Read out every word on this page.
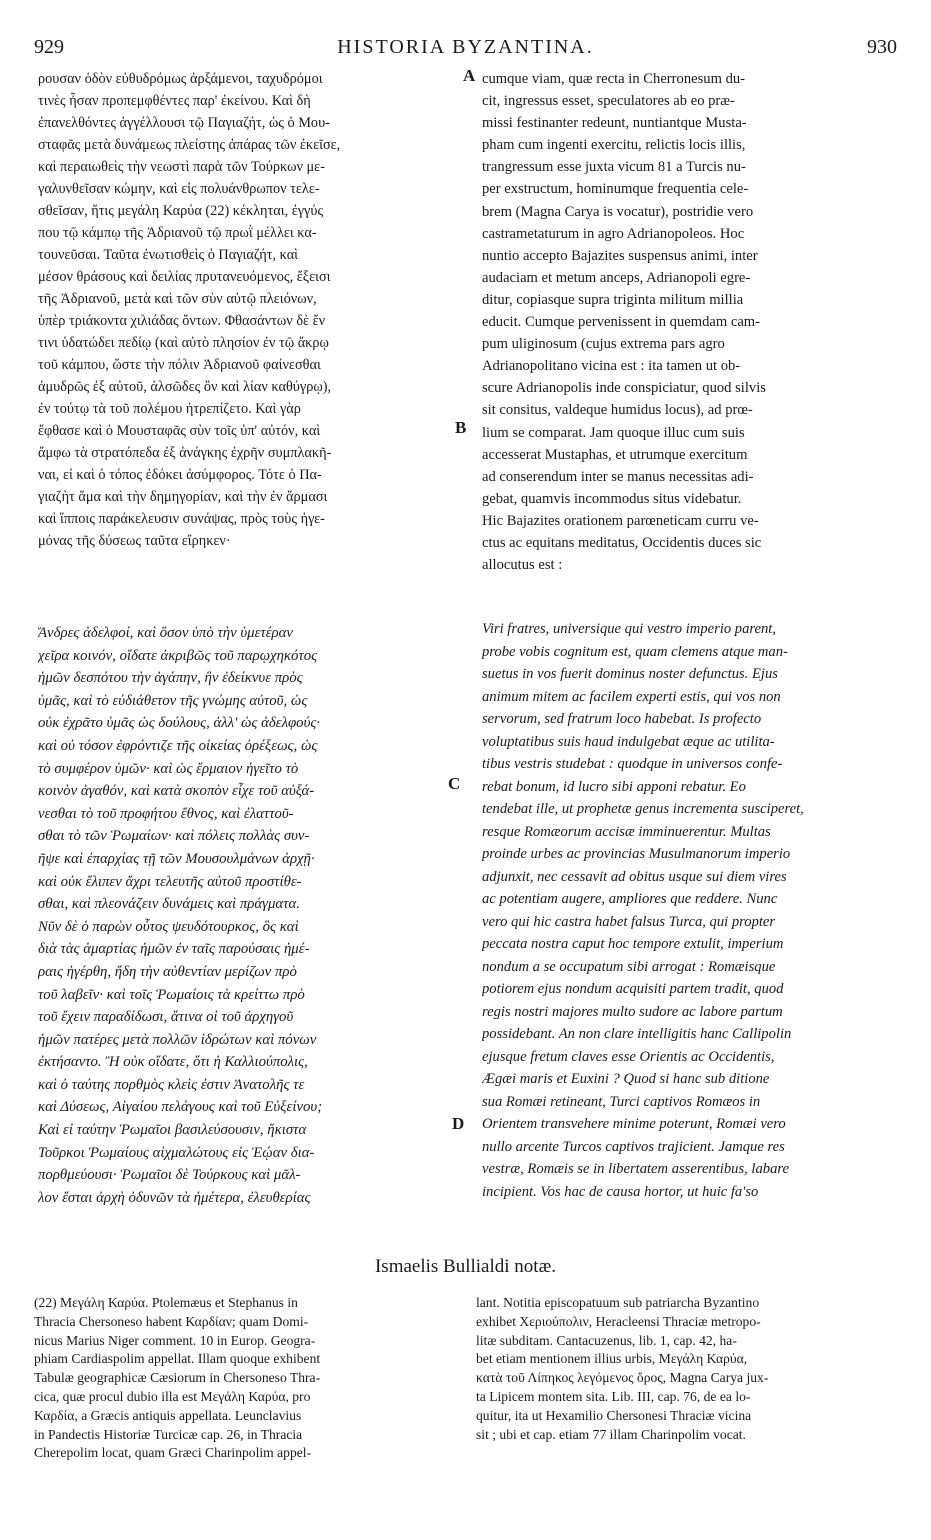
929	HISTORIA BYZANTINA.	930
A
B
C
D
ρουσαν ὁδὸν εὐθυδρόμως ἀρξάμενοι, ταχυδρόμοι
τινὲς ἦσαν προπεμφθέντες παρ' ἐκείνου. Καὶ δὴ
ἐπανελθόντες ἀγγέλλουσι τῷ Παγιαζήτ, ὡς ὁ Μου-
σταφᾶς μετὰ δυνάμεως πλείστης ἀπάρας τῶν ἐκεῖσε,
καὶ περαιωθεὶς τὴν νεωστὶ παρὰ τῶν Τούρκων με-
γαλυνθεῖσαν κώμην, καὶ εἰς πολυάνθρωπον τελε-
σθεῖσαν, ἥτις μεγάλη Καρύα (22) κέκληται, ἐγγύς
που τῷ κάμπῳ τῆς Ἀδριανοῦ τῷ πρωῒ μέλλει κα-
τουνεῦσαι. Ταῦτα ἐνωτισθεὶς ὁ Παγιαζήτ, καὶ
μέσον θράσους καὶ δειλίας πρυτανευόμενος, ἔξεισι
τῆς Ἀδριανοῦ, μετὰ καὶ τῶν σὺν αὐτῷ πλειόνων,
ὑπὲρ τριάκοντα χιλιάδας ὄντων. Φθασάντων δὲ ἔν
τινι ὑδατώδει πεδίῳ (καὶ αὐτὸ πλησίον ἐν τῷ ἄκρῳ
τοῦ κάμπου, ὥστε τὴν πόλιν Ἀδριανοῦ φαίνεσθαι
ἀμυδρῶς ἐξ αὐτοῦ, ἀλσῶδες ὂν καὶ λίαν καθύγρῳ),
ἐν τούτῳ τὰ τοῦ πολέμου ἡτρεπίζετο. Καὶ γὰρ
ἔφθασε καὶ ὁ Μουσταφᾶς σὺν τοῖς ὑπ' αὐτόν, καὶ
ἄμφω τὰ στρατόπεδα ἐξ ἀνάγκης ἐχρῆν συμπλακῆ-
ναι, εἰ καὶ ὁ τόπος ἐδόκει ἀσύμφορος. Τότε ὁ Πα-
γιαζὴτ ἅμα καὶ τὴν δημηγορίαν, καὶ τὴν ἐν ἅρμασι
καὶ ἵπποις παράκελευσιν συνάψας, πρὸς τοὺς ἡγε-
μόνας τῆς δύσεως ταῦτα εἴρηκεν·
cumque viam, quæ recta in Cherronesum du-
cit, ingressus esset, speculatores ab eo præ-
missi festinanter redeunt, nuntiantque Musta-
pham cum ingenti exercitu, relictis locis illis,
trangressum esse juxta vicum 81 a Turcis nu-
per exstructum, hominumque frequentia cele-
brem (Magna Carya is vocatur), postridie vero
castrametaturum in agro Adrianopoleos. Hoc
nuntio accepto Bajazites suspensus animi, inter
audaciam et metum anceps, Adrianopoli egre-
ditur, copiasque supra triginta militum millia
educit. Cumque pervenissent in quemdam cam-
pum uliginosum (cujus extrema pars agro
Adrianopolitano vicina est : ita tamen ut ob-
scure Adrianopolis inde conspiciatur, quod silvis
sit consitus, valdeque humidus locus), ad prœ-
lium se comparat. Jam quoque illuc cum suis
accesserat Mustaphas, et utrumque exercitum
ad conserendum inter se manus necessitas adi-
gebat, quamvis incommodus situs videbatur.
Hic Bajazites orationem parœneticam curru ve-
ctus ac equitans meditatus, Occidentis duces sic
allocutus est :
Ἄνδρες ἀδελφοί, καὶ ὅσον ὑπὸ τὴν ὑμετέραν
χεῖρα κοινόν, οἴδατε ἀκριβῶς τοῦ παρῳχηκότος
ἡμῶν δεσπότου τὴν ἀγάπην, ἣν ἐδείκνυε πρὸς
ὑμᾶς, καὶ τὸ εὐδιάθετον τῆς γνώμης αὐτοῦ, ὡς
οὐκ ἐχρᾶτο ὑμᾶς ὡς δούλους, ἀλλ' ὡς ἀδελφούς·
καὶ οὐ τόσον ἐφρόντιζε τῆς οἰκείας ὀρέξεως, ὡς
τὸ συμφέρον ὑμῶν· καὶ ὡς ἕρμαιον ἡγεῖτο τὸ
κοινὸν ἀγαθόν, καὶ κατὰ σκοπὸν εἶχε τοῦ αὐξά-
νεσθαι τὸ τοῦ προφήτου ἔθνος, καὶ ἐλαττοῦ-
σθαι τὸ τῶν Ῥωμαίων· καὶ πόλεις πολλὰς συν-
ῆψε καὶ ἐπαρχίας τῇ τῶν Μουσουλμάνων ἀρχῇ·
καὶ οὐκ ἔλιπεν ἄχρι τελευτῆς αὐτοῦ προστίθε-
σθαι, καὶ πλεονάζειν δυνάμεις καὶ πράγματα.
Νῦν δὲ ὁ παρὼν οὗτος ψευδότουρκος, ὃς καὶ
διὰ τὰς ἁμαρτίας ἡμῶν ἐν ταῖς παρούσαις ἡμέ-
ραις ἠγέρθη, ἤδη τὴν αὐθεντίαν μερίζων πρὸ
τοῦ λαβεῖν· καὶ τοῖς Ῥωμαίοις τὰ κρείττω πρὸ
τοῦ ἔχειν παραδίδωσι, ἅτινα οἱ τοῦ ἀρχηγοῦ
ἡμῶν πατέρες μετὰ πολλῶν ἱδρώτων καὶ πόνων
ἐκτήσαντο. Ἢ οὐκ οἴδατε, ὅτι ἡ Καλλιούπολις,
καὶ ὁ ταύτης πορθμὸς κλεὶς ἐστιν Ἀνατολῆς τε
καὶ Δύσεως, Αἰγαίου πελάγους καὶ τοῦ Εὐξείνου;
Καὶ εἰ ταύτην Ῥωμαῖοι βασιλεύσουσιν, ἥκιστα
Τοῦρκοι Ῥωμαίους αἰχμαλώτους εἰς Ἑῴαν δια-
πορθμεύουσι· Ῥωμαῖοι δὲ Τούρκους καὶ μᾶλ-
λον ἔσται ἀρχὴ ὀδυνῶν τὰ ἡμέτερα, ἐλευθερίας
Viri fratres, universique qui vestro imperio parent,
probe vobis cognitum est, quam clemens atque man-
suetus in vos fuerit dominus noster defunctus. Ejus
animum mitem ac facilem experti estis, qui vos non
servorum, sed fratrum loco habebat. Is profecto
voluptatibus suis haud indulgebat æque ac utilita-
tibus vestris studebat : quodque in universos confe-
rebat bonum, id lucro sibi apponi rebatur. Eo
tendebat ille, ut prophetæ genus incrementa susciperet,
resque Romæorum accisæ imminuerentur. Multas
proinde urbes ac provincias Musulmanorum imperio
adjunxit, nec cessavit ad obitus usque sui diem vires
ac potentiam augere, ampliores que reddere. Nunc
vero qui hic castra habet falsus Turca, qui propter
peccata nostra caput hoc tempore extulit, imperium
nondum a se occupatum sibi arrogat : Romæisque
potiorem ejus nondum acquisiti partem tradit, quod
regis nostri majores multo sudore ac labore partum
possidebant. An non clare intelligitis hanc Callipolin
ejusque fretum claves esse Orientis ac Occidentis,
Ægæi maris et Euxini ? Quod si hanc sub ditione
sua Romæi retineant, Turci captivos Romæos in
Orientem transvehere minime poterunt, Romæi vero
nullo arcente Turcos captivos trajicient. Jamque res
vestræ, Romæis se in libertatem asserentibus, labare
incipient. Vos hac de causa hortor, ut huic fa'so
Ismaelis Bullialdi notæ.
(22) Μεγάλη Καρύα. Ptolemæus et Stephanus in
Thracia Chersoneso habent Καρδίαν; quam Domi-
nicus Marius Niger comment. 10 in Europ. Geogra-
phiam Cardiaspolim appellat. Illam quoque exhibent
Tabulæ geographicæ Cæsiorum in Chersoneso Thra-
cica, quæ procul dubio illa est Μεγάλη Καρύα, pro
Καρδία, a Græcis antiquis appellata. Leunclavius
in Pandectis Historiæ Turcicæ cap. 26, in Thracia
Cherepolim locat, quam Græci Charinpolim appel-
lant. Notitia episcopatuum sub patriarcha Byzantino
exhibet Χεριούπολιν, Heracleensi Thraciæ metropo-
litæ subditam. Cantacuzenus, lib. 1, cap. 42, ha-
bet etiam mentionem illius urbis, Μεγάλη Καρύα,
κατὰ τοῦ Λίπηκος λεγόμενος ὄρος, Magna Carya jux-
ta Lipicem montem sita. Lib. III, cap. 76, de ea lo-
quitur, ita ut Hexamilio Chersonesi Thraciæ vicina
sit ; ubi et cap. etiam 77 illam Charinpolim vocat.
